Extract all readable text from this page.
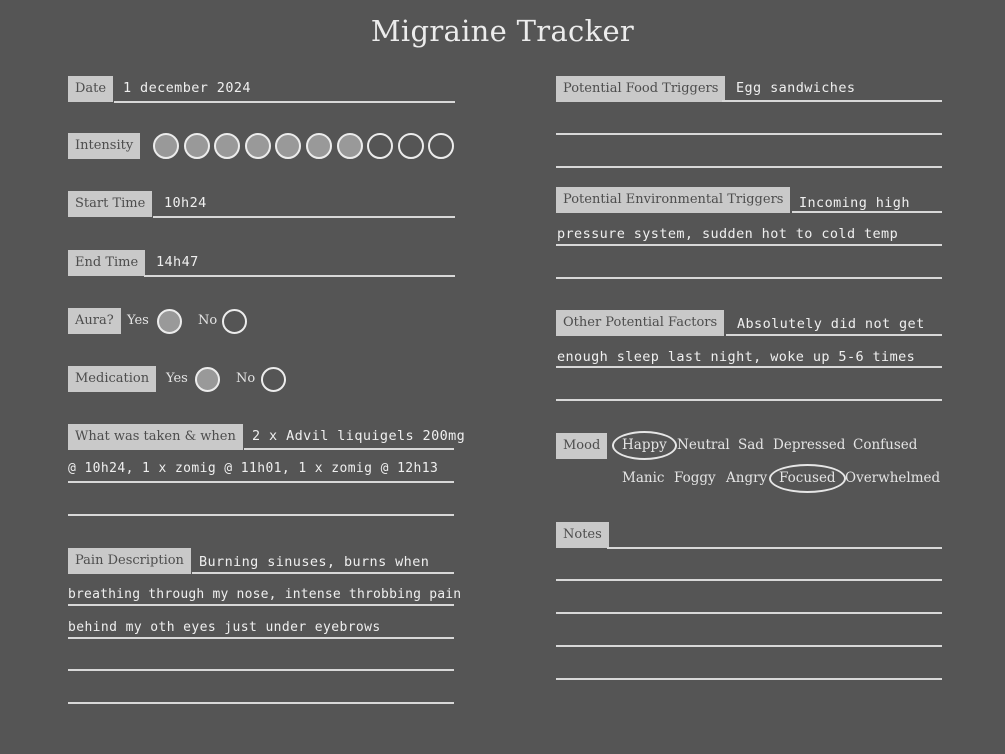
Migraine Tracker
Date	1 december 2024
Intensity
Start Time	10h24
End Time	14h47
Aura?	Yes	No
Medication	Yes	No
What was taken & when	2 x Advil liquigels 200mg
@ 10h24, 1 x zomig @ 11h01, 1 x zomig @ 12h13
Pain Description	Burning sinuses, burns when
breathing through my nose, intense throbbing pain
behind my oth eyes just under eyebrows
Potential Food Triggers	Egg sandwiches
Potential Environmental Triggers	Incoming high
pressure system, sudden hot to cold temp
Other Potential Factors	Absolutely did not get
enough sleep last night, woke up 5-6 times
Mood	Happy Neutral Sad Depressed Confused
Manic Foggy Angry Focused Overwhelmed
Notes
